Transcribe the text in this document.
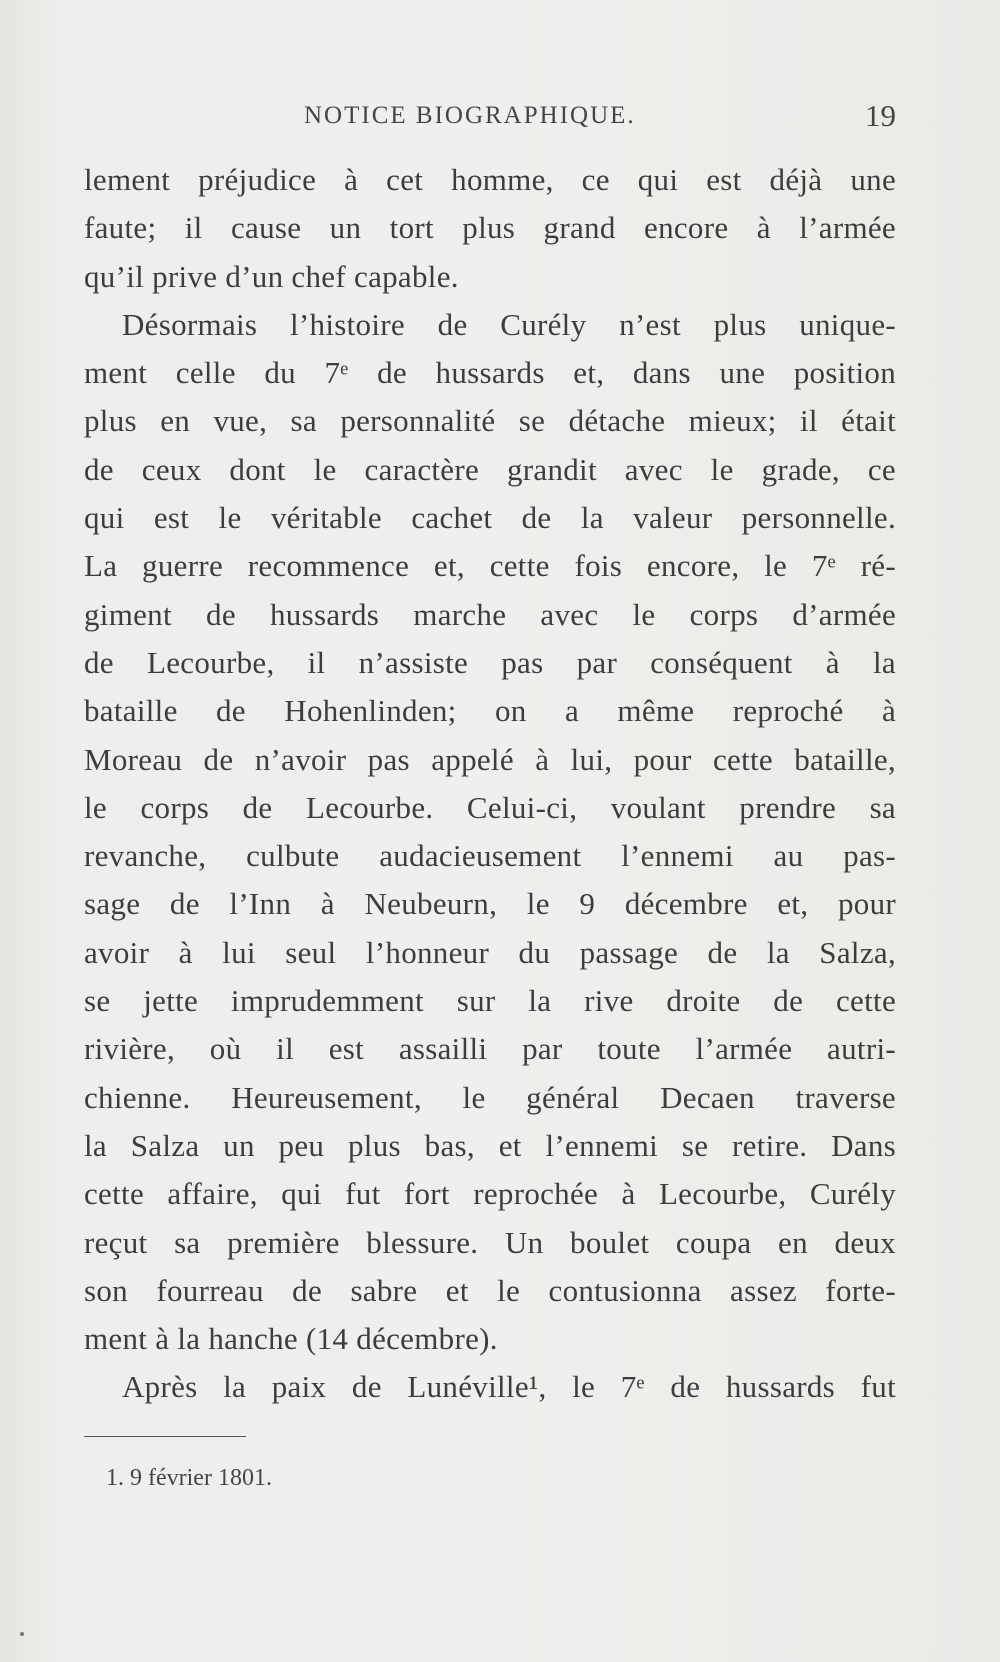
NOTICE BIOGRAPHIQUE.	19
lement préjudice à cet homme, ce qui est déjà une
faute; il cause un tort plus grand encore à l’armée
qu’il prive d’un chef capable.
Désormais l’histoire de Curély n’est plus unique-
ment celle du 7ᵉ de hussards et, dans une position
plus en vue, sa personnalité se détache mieux; il était
de ceux dont le caractère grandit avec le grade, ce
qui est le véritable cachet de la valeur personnelle.
La guerre recommence et, cette fois encore, le 7ᵉ ré-
giment de hussards marche avec le corps d’armée
de Lecourbe, il n’assiste pas par conséquent à la
bataille de Hohenlinden; on a même reproché à
Moreau de n’avoir pas appelé à lui, pour cette bataille,
le corps de Lecourbe. Celui-ci, voulant prendre sa
revanche, culbute audacieusement l’ennemi au pas-
sage de l’Inn à Neubeurn, le 9 décembre et, pour
avoir à lui seul l’honneur du passage de la Salza,
se jette imprudemment sur la rive droite de cette
rivière, où il est assailli par toute l’armée autri-
chienne. Heureusement, le général Decaen traverse
la Salza un peu plus bas, et l’ennemi se retire. Dans
cette affaire, qui fut fort reprochée à Lecourbe, Curély
reçut sa première blessure. Un boulet coupa en deux
son fourreau de sabre et le contusionna assez forte-
ment à la hanche (14 décembre).
Après la paix de Lunéville¹, le 7ᵉ de hussards fut
1. 9 février 1801.
